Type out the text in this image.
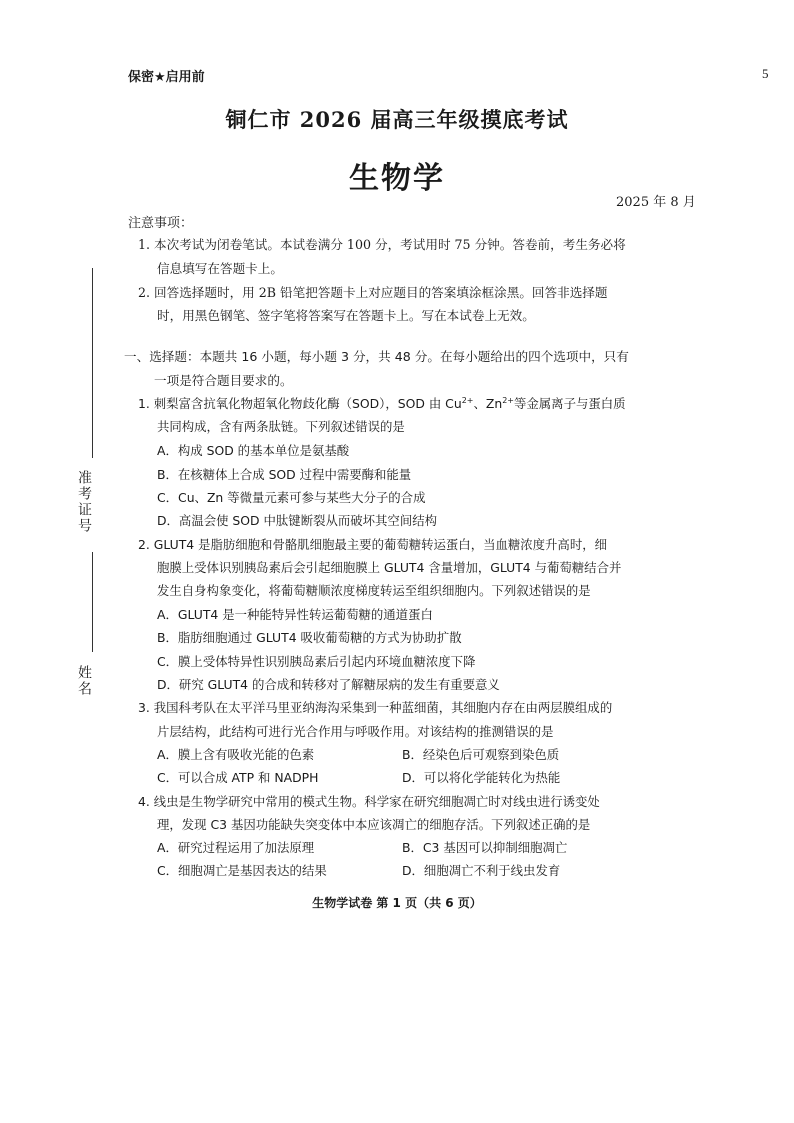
保密★启用前	5
铜仁市 2026 届高三年级摸底考试
生物学
2025 年 8 月
注意事项：
1. 本次考试为闭卷笔试。本试卷满分 100 分，考试用时 75 分钟。答卷前，考生务必将
信息填写在答题卡上。
2. 回答选择题时，用 2B 铅笔把答题卡上对应题目的答案填涂框涂黑。回答非选择题
时，用黑色钢笔、签字笔将答案写在答题卡上。写在本试卷上无效。
一、选择题：本题共 16 小题，每小题 3 分，共 48 分。在每小题给出的四个选项中，只有
一项是符合题目要求的。
1. 刺梨富含抗氧化物超氧化物歧化酶（SOD），SOD 由 $Cu^{2+}$、$Zn^{2+}$等金属离子与蛋白质
共同构成，含有两条肽链。下列叙述错误的是
A．构成 SOD 的基本单位是氨基酸
B．在核糖体上合成 SOD 过程中需要酶和能量
C．Cu、Zn 等微量元素可参与某些大分子的合成
D．高温会使 SOD 中肽键断裂从而破坏其空间结构
2. GLUT4 是脂肪细胞和骨骼肌细胞最主要的葡萄糖转运蛋白，当血糖浓度升高时，细
胞膜上受体识别胰岛素后会引起细胞膜上 GLUT4 含量增加，GLUT4 与葡萄糖结合并
发生自身构象变化，将葡萄糖顺浓度梯度转运至组织细胞内。下列叙述错误的是
A．GLUT4 是一种能特异性转运葡萄糖的通道蛋白
B．脂肪细胞通过 GLUT4 吸收葡萄糖的方式为协助扩散
C．膜上受体特异性识别胰岛素后引起内环境血糖浓度下降
D．研究 GLUT4 的合成和转移对了解糖尿病的发生有重要意义
3. 我国科考队在太平洋马里亚纳海沟采集到一种蓝细菌，其细胞内存在由两层膜组成的
片层结构，此结构可进行光合作用与呼吸作用。对该结构的推测错误的是
A．膜上含有吸收光能的色素	B．经染色后可观察到染色质
C．可以合成 ATP 和 NADPH	D．可以将化学能转化为热能
4. 线虫是生物学研究中常用的模式生物。科学家在研究细胞凋亡时对线虫进行诱变处
理，发现 C3 基因功能缺失突变体中本应该凋亡的细胞存活。下列叙述正确的是
A．研究过程运用了加法原理	B．C3 基因可以抑制细胞凋亡
C．细胞凋亡是基因表达的结果	D．细胞凋亡不利于线虫发育
生物学试卷 第 1 页（共 6 页）
准考证号
姓名
